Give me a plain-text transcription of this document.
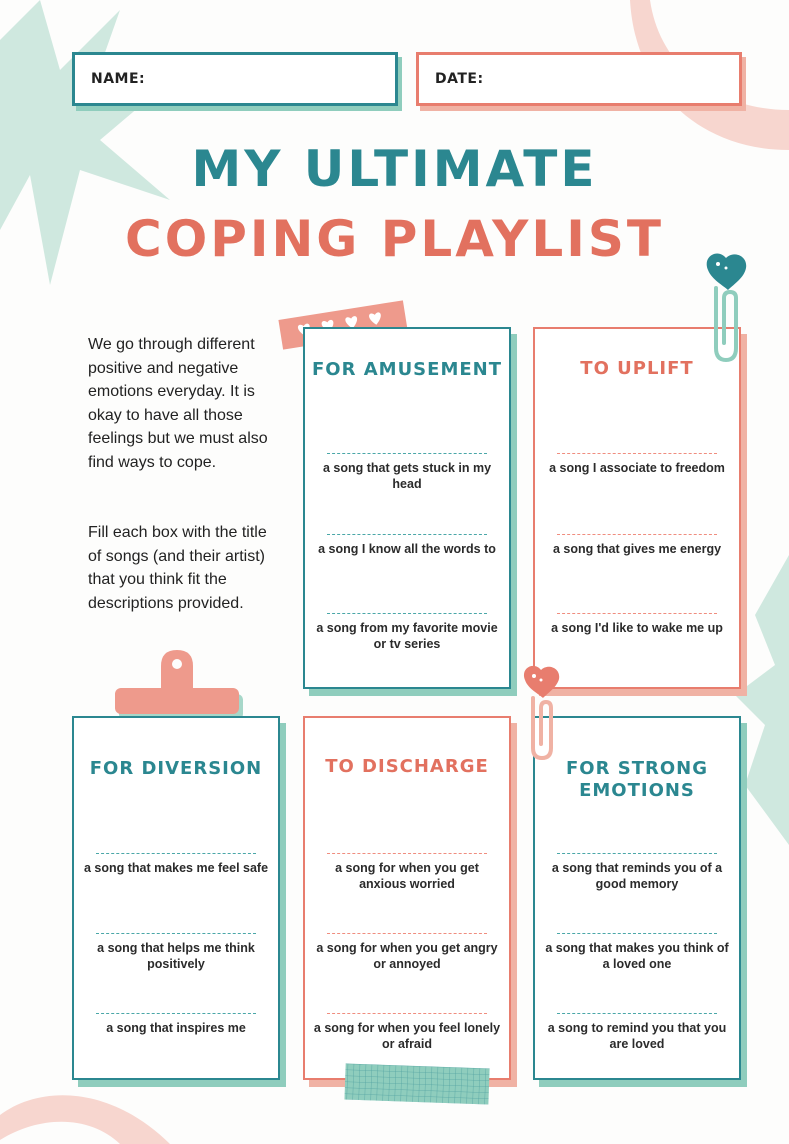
NAME:	DATE:
MY ULTIMATE
COPING PLAYLIST
We go through different positive and negative emotions everyday. It is okay to have all those feelings but we must also find ways to cope.
Fill each box with the title of songs (and their artist) that you think fit the descriptions provided.
FOR AMUSEMENT
a song that gets stuck in my head
a song I know all the words to
a song from my favorite movie or tv series
TO UPLIFT
a song I associate to freedom
a song that gives me energy
a song I'd like to wake me up
FOR DIVERSION
a song that makes me feel safe
a song that helps me think positively
a song that inspires me
TO DISCHARGE
a song for when you get anxious worried
a song for when you get angry or annoyed
a song for when you feel lonely or afraid
FOR STRONG EMOTIONS
a song that reminds you of a good memory
a song that makes you think of a loved one
a song to remind you that you are loved
